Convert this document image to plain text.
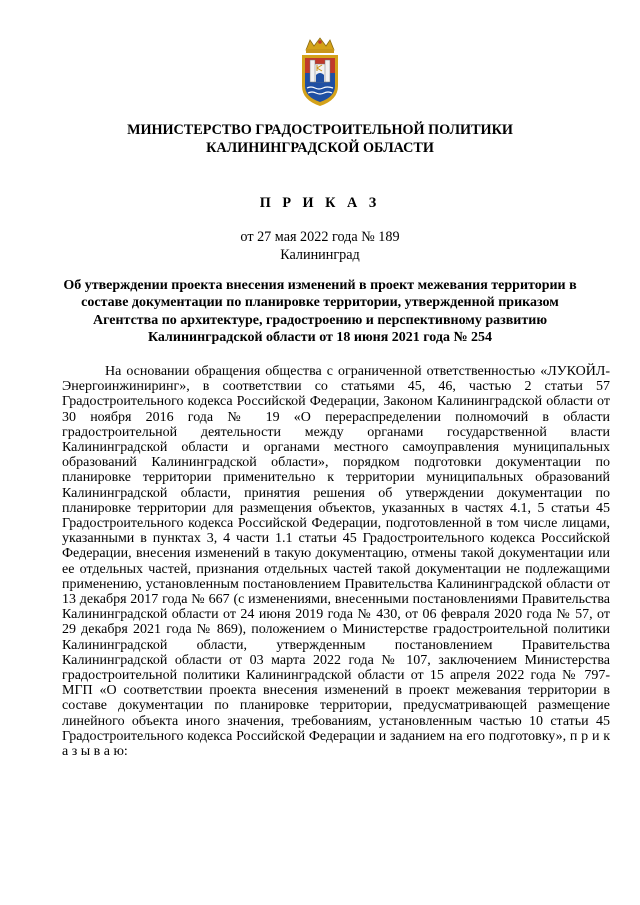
МИНИСТЕРСТВО ГРАДОСТРОИТЕЛЬНОЙ ПОЛИТИКИ
КАЛИНИНГРАДСКОЙ ОБЛАСТИ
П Р И К А З
от 27 мая 2022 года № 189
Калининград
Об утверждении проекта внесения изменений в проект межевания территории в составе документации по планировке территории, утвержденной приказом Агентства по архитектуре, градостроению и перспективному развитию Калининградской области от 18 июня 2021 года № 254
На основании обращения общества с ограниченной ответственностью «ЛУКОЙЛ-Энергоинжиниринг», в соответствии со статьями 45, 46, частью 2 статьи 57 Градостроительного кодекса Российской Федерации, Законом Калининградской области от 30 ноября 2016 года № 19 «О перераспределении полномочий в области градостроительной деятельности между органами государственной власти Калининградской области и органами местного самоуправления муниципальных образований Калининградской области», порядком подготовки документации по планировке территории применительно к территории муниципальных образований Калининградской области, принятия решения об утверждении документации по планировке территории для размещения объектов, указанных в частях 4.1, 5 статьи 45 Градостроительного кодекса Российской Федерации, подготовленной в том числе лицами, указанными в пунктах 3, 4 части 1.1 статьи 45 Градостроительного кодекса Российской Федерации, внесения изменений в такую документацию, отмены такой документации или ее отдельных частей, признания отдельных частей такой документации не подлежащими применению, установленным постановлением Правительства Калининградской области от 13 декабря 2017 года № 667 (с изменениями, внесенными постановлениями Правительства Калининградской области от 24 июня 2019 года № 430, от 06 февраля 2020 года № 57, от 29 декабря 2021 года № 869), положением о Министерстве градостроительной политики Калининградской области, утвержденным постановлением Правительства Калининградской области от 03 марта 2022 года № 107, заключением Министерства градостроительной политики Калининградской области от 15 апреля 2022 года № 797-МГП «О соответствии проекта внесения изменений в проект межевания территории в составе документации по планировке территории, предусматривающей размещение линейного объекта иного значения, требованиям, установленным частью 10 статьи 45 Градостроительного кодекса Российской Федерации и заданием на его подготовку», п р и к а з ы в а ю:
